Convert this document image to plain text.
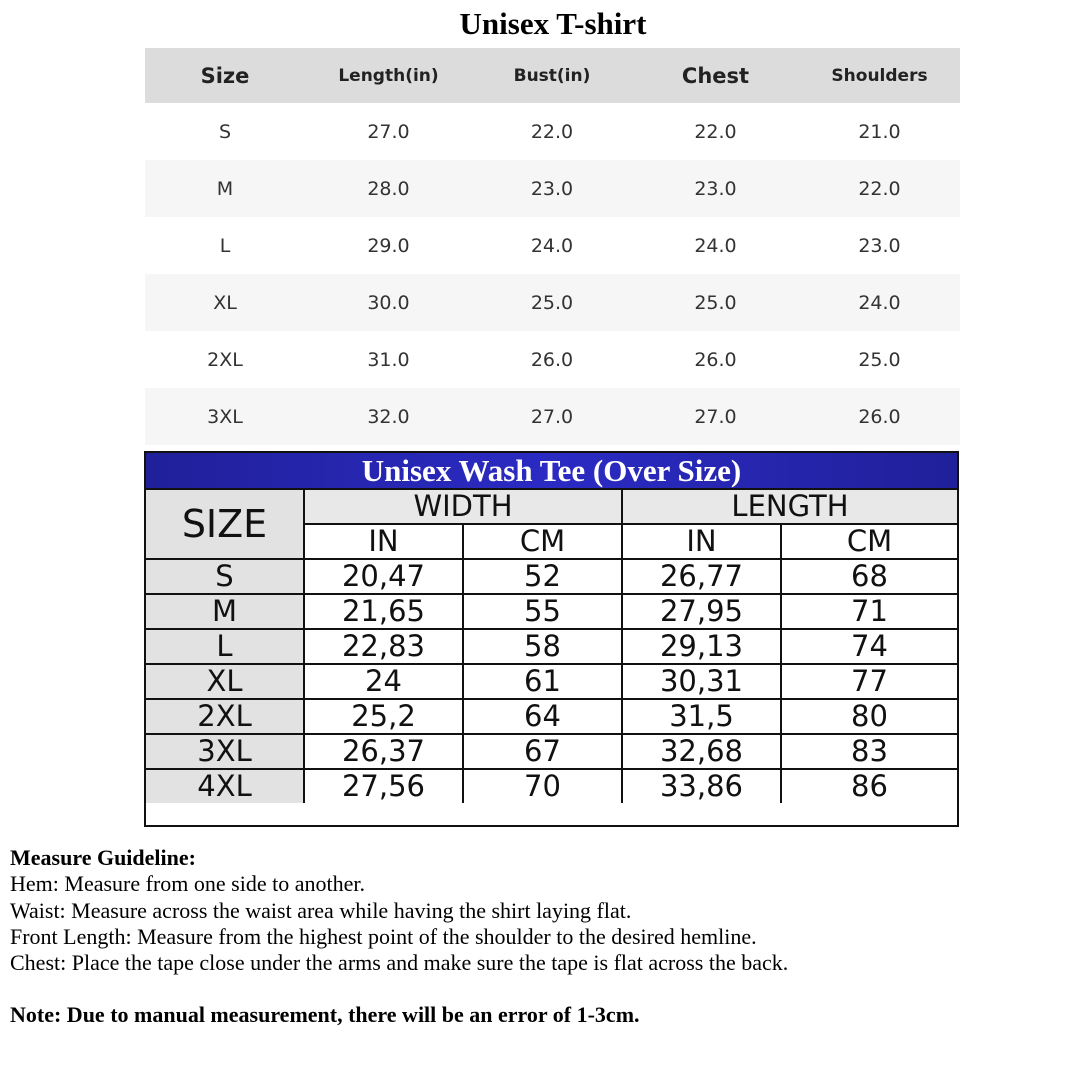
Unisex T-shirt
Size	Length(in)	Bust(in)	Chest	Shoulders
S	27.0	22.0	22.0	21.0
M	28.0	23.0	23.0	22.0
L	29.0	24.0	24.0	23.0
XL	30.0	25.0	25.0	24.0
2XL	31.0	26.0	26.0	25.0
3XL	32.0	27.0	27.0	26.0
Unisex Wash Tee (Over Size)
SIZE	WIDTH		LENGTH	
	IN	CM	IN	CM
S	20,47	52	26,77	68
M	21,65	55	27,95	71
L	22,83	58	29,13	74
XL	24	61	30,31	77
2XL	25,2	64	31,5	80
3XL	26,37	67	32,68	83
4XL	27,56	70	33,86	86
Measure Guideline:
Hem: Measure from one side to another.
Waist: Measure across the waist area while having the shirt laying flat.
Front Length: Measure from the highest point of the shoulder to the desired hemline.
Chest: Place the tape close under the arms and make sure the tape is flat across the back.
Note: Due to manual measurement, there will be an error of 1-3cm.
